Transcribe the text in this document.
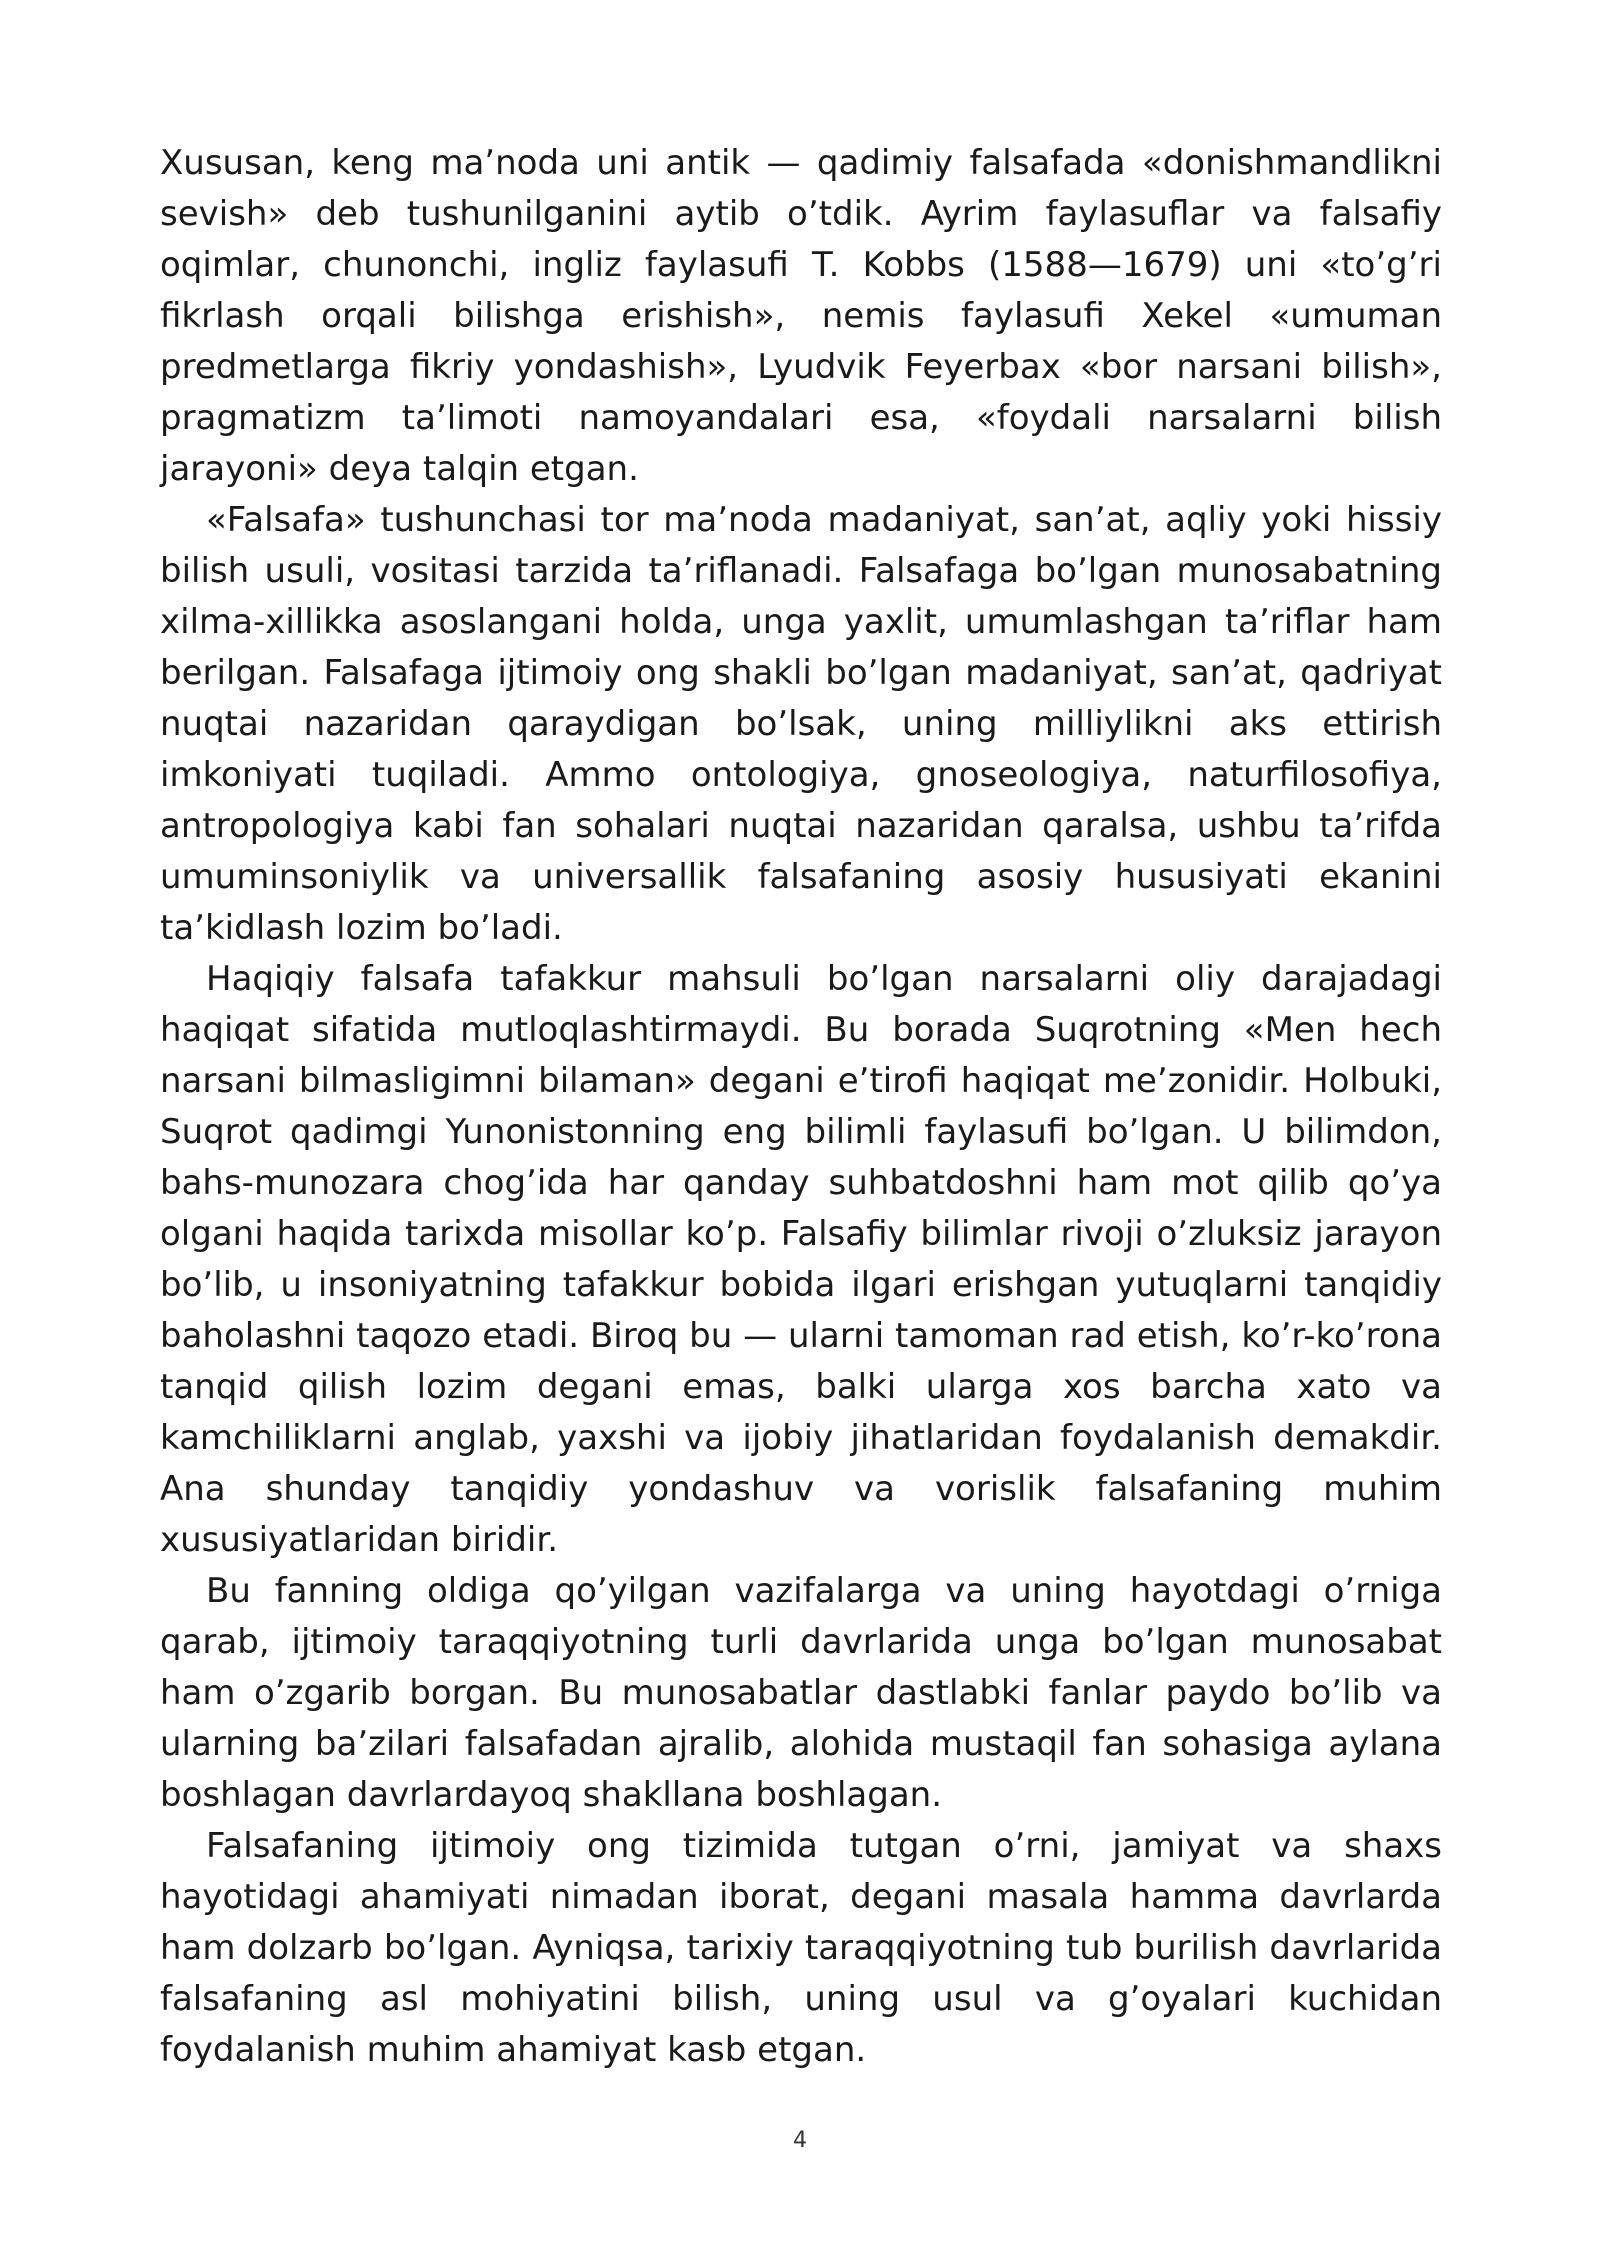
Xususan, keng ma’noda uni antik — qadimiy falsafada «donishmandlikni sevish» deb tushunilganini aytib o’tdik. Ayrim faylasuflar va falsafiy oqimlar, chunonchi, ingliz faylasufi T. Kobbs (1588—1679) uni «to’g’ri fikrlash orqali bilishga erishish», nemis faylasufi Xekel «umuman predmetlarga fikriy yondashish», Lyudvik Feyerbax «bor narsani bilish», pragmatizm ta’limoti namoyandalari esa, «foydali narsalarni bilish jarayoni» deya talqin etgan.

«Falsafa» tushunchasi tor ma’noda madaniyat, san’at, aqliy yoki hissiy bilish usuli, vositasi tarzida ta’riflanadi. Falsafaga bo’lgan munosabatning xilma-xillikka asoslangani holda, unga yaxlit, umumlashgan ta’riflar ham berilgan. Falsafaga ijtimoiy ong shakli bo’lgan madaniyat, san’at, qadriyat nuqtai nazaridan qaraydigan bo’lsak, uning milliylikni aks ettirish imkoniyati tuqiladi. Ammo ontologiya, gnoseologiya, naturfilosofiya, antropologiya kabi fan sohalari nuqtai nazaridan qaralsa, ushbu ta’rifda umuminsoniylik va universallik falsafaning asosiy hususiyati ekanini ta’kidlash lozim bo’ladi.

Haqiqiy falsafa tafakkur mahsuli bo’lgan narsalarni oliy darajadagi haqiqat sifatida mutloqlashtirmaydi. Bu borada Suqrotning «Men hech narsani bilmasligimni bilaman» degani e’tirofi haqiqat me’zonidir. Holbuki, Suqrot qadimgi Yunonistonning eng bilimli faylasufi bo’lgan. U bilimdon, bahs-munozara chog’ida har qanday suhbatdoshni ham mot qilib qo’ya olgani haqida tarixda misollar ko’p. Falsafiy bilimlar rivoji o’zluksiz jarayon bo’lib, u insoniyatning tafakkur bobida ilgari erishgan yutuqlarni tanqidiy baholashni taqozo etadi. Biroq bu — ularni tamoman rad etish, ko’r-ko’rona tanqid qilish lozim degani emas, balki ularga xos barcha xato va kamchiliklarni anglab, yaxshi va ijobiy jihatlaridan foydalanish demakdir. Ana shunday tanqidiy yondashuv va vorislik falsafaning muhim xususiyatlaridan biridir.

Bu fanning oldiga qo’yilgan vazifalarga va uning hayotdagi o’rniga qarab, ijtimoiy taraqqiyotning turli davrlarida unga bo’lgan munosabat ham o’zgarib borgan. Bu munosabatlar dastlabki fanlar paydo bo’lib va ularning ba’zilari falsafadan ajralib, alohida mustaqil fan sohasiga aylana boshlagan davrlardayoq shakllana boshlagan.

Falsafaning ijtimoiy ong tizimida tutgan o’rni, jamiyat va shaxs hayotidagi ahamiyati nimadan iborat, degani masala hamma davrlarda ham dolzarb bo’lgan. Ayniqsa, tarixiy taraqqiyotning tub burilish davrlarida falsafaning asl mohiyatini bilish, uning usul va g’oyalari kuchidan foydalanish muhim ahamiyat kasb etgan.

4
